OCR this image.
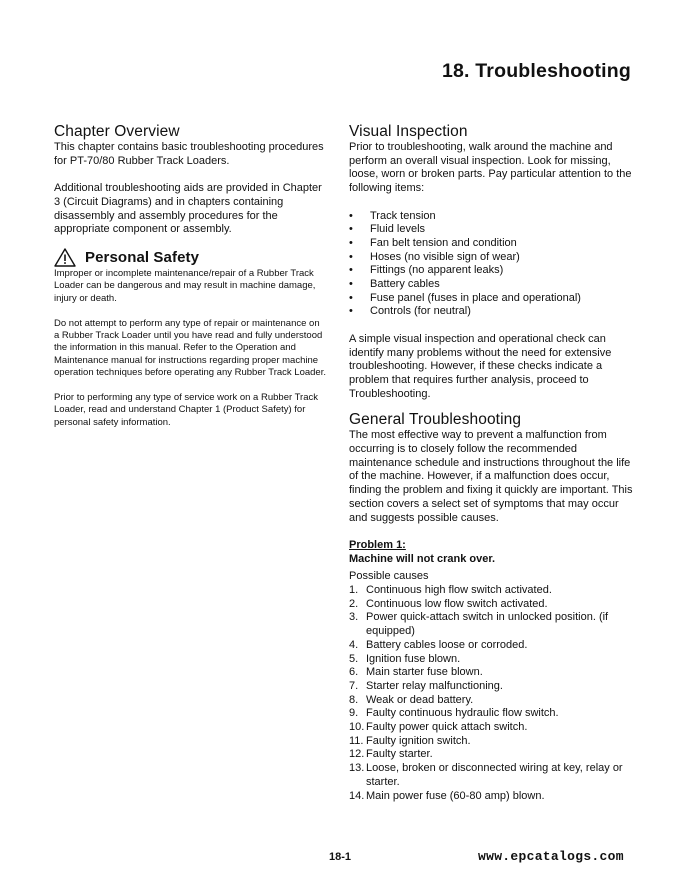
18. Troubleshooting
Chapter Overview

This chapter contains basic troubleshooting procedures for PT-70/80 Rubber Track Loaders.

Additional troubleshooting aids are provided in Chapter 3 (Circuit Diagrams) and in chapters containing disassembly and assembly procedures for the appropriate component or assembly.

Personal Safety

Improper or incomplete maintenance/repair of a Rubber Track Loader can be dangerous and may result in machine damage, injury or death.

Do not attempt to perform any type of repair or maintenance on a Rubber Track Loader until you have read and fully understood the information in this manual. Refer to the Operation and Maintenance manual for instructions regarding proper machine operation techniques before operating any Rubber Track Loader.

Prior to performing any type of service work on a Rubber Track Loader, read and understand Chapter 1 (Product Safety) for personal safety information.

Visual Inspection

Prior to troubleshooting, walk around the machine and perform an overall visual inspection. Look for missing, loose, worn or broken parts. Pay particular attention to the following items:

• Track tension
• Fluid levels
• Fan belt tension and condition
• Hoses (no visible sign of wear)
• Fittings (no apparent leaks)
• Battery cables
• Fuse panel (fuses in place and operational)
• Controls (for neutral)

A simple visual inspection and operational check can identify many problems without the need for extensive troubleshooting. However, if these checks indicate a problem that requires further analysis, proceed to Troubleshooting.

General Troubleshooting

The most effective way to prevent a malfunction from occurring is to closely follow the recommended maintenance schedule and instructions throughout the life of the machine. However, if a malfunction does occur, finding the problem and fixing it quickly are important. This section covers a select set of symptoms that may occur and suggests possible causes.

Problem 1:
Machine will not crank over.
Possible causes
1. Continuous high flow switch activated.
2. Continuous low flow switch activated.
3. Power quick-attach switch in unlocked position. (if equipped)
4. Battery cables loose or corroded.
5. Ignition fuse blown.
6. Main starter fuse blown.
7. Starter relay malfunctioning.
8. Weak or dead battery.
9. Faulty continuous hydraulic flow switch.
10. Faulty power quick attach switch.
11. Faulty ignition switch.
12. Faulty starter.
13. Loose, broken or disconnected wiring at key, relay or starter.
14. Main power fuse (60-80 amp) blown.
18-1	www.epcatalogs.com
